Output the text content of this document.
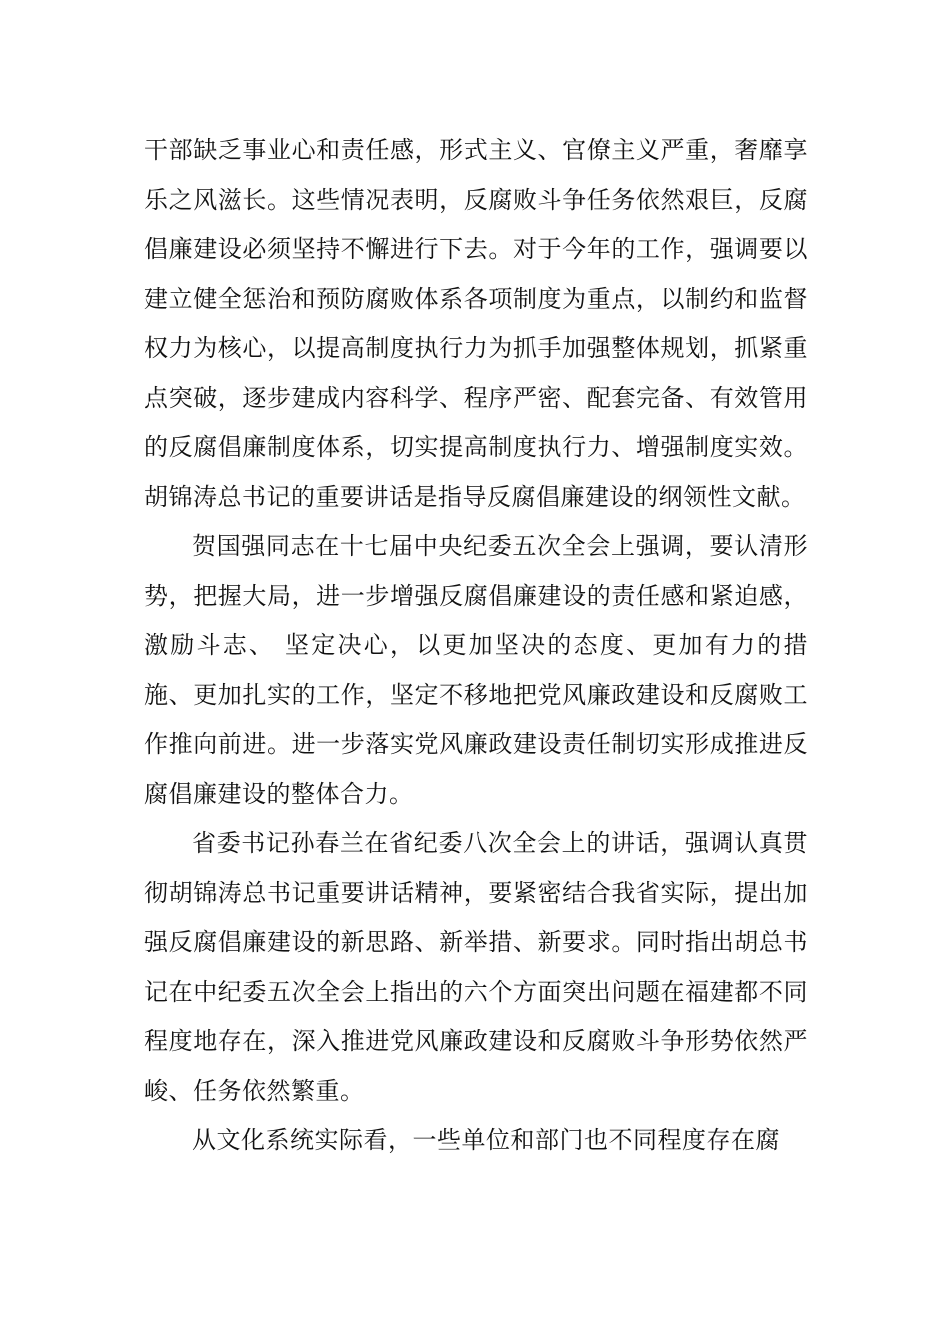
干部缺乏事业心和责任感，形式主义、官僚主义严重，奢靡享乐之风滋长。这些情况表明，反腐败斗争任务依然艰巨，反腐倡廉建设必须坚持不懈进行下去。对于今年的工作，强调要以建立健全惩治和预防腐败体系各项制度为重点，以制约和监督权力为核心，以提高制度执行力为抓手加强整体规划，抓紧重点突破，逐步建成内容科学、程序严密、配套完备、有效管用的反腐倡廉制度体系，切实提高制度执行力、增强制度实效。胡锦涛总书记的重要讲话是指导反腐倡廉建设的纲领性文献。

贺国强同志在十七届中央纪委五次全会上强调，要认清形势，把握大局，进一步增强反腐倡廉建设的责任感和紧迫感，激励斗志、 坚定决心，以更加坚决的态度、更加有力的措施、更加扎实的工作，坚定不移地把党风廉政建设和反腐败工作推向前进。进一步落实党风廉政建设责任制切实形成推进反腐倡廉建设的整体合力。

省委书记孙春兰在省纪委八次全会上的讲话，强调认真贯彻胡锦涛总书记重要讲话精神，要紧密结合我省实际，提出加强反腐倡廉建设的新思路、新举措、新要求。同时指出胡总书记在中纪委五次全会上指出的六个方面突出问题在福建都不同程度地存在，深入推进党风廉政建设和反腐败斗争形势依然严峻、任务依然繁重。

从文化系统实际看，一些单位和部门也不同程度存在腐
